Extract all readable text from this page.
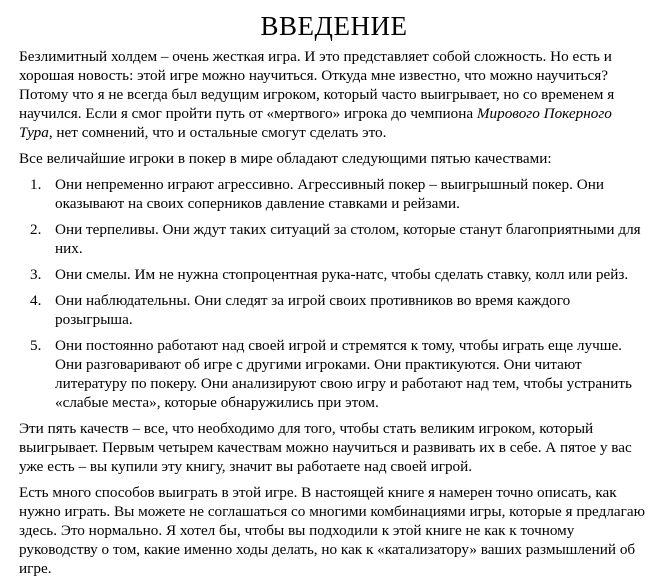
ВВЕДЕНИЕ

Безлимитный холдем – очень жесткая игра. И это представляет собой сложность. Но есть и хорошая новость: этой игре можно научиться. Откуда мне известно, что можно научиться? Потому что я не всегда был ведущим игроком, который часто выигрывает, но со временем я научился. Если я смог пройти путь от «мертвого» игрока до чемпиона Мирового Покерного Тура, нет сомнений, что и остальные смогут сделать это.

Все величайшие игроки в покер в мире обладают следующими пятью качествами:

1. Они непременно играют агрессивно. Агрессивный покер – выигрышный покер. Они оказывают на своих соперников давление ставками и рейзами.
2. Они терпеливы. Они ждут таких ситуаций за столом, которые станут благоприятными для них.
3. Они смелы. Им не нужна стопроцентная рука-натс, чтобы сделать ставку, колл или рейз.
4. Они наблюдательны. Они следят за игрой своих противников во время каждого розыгрыша.
5. Они постоянно работают над своей игрой и стремятся к тому, чтобы играть еще лучше. Они разговаривают об игре с другими игроками. Они практикуются. Они читают литературу по покеру. Они анализируют свою игру и работают над тем, чтобы устранить «слабые места», которые обнаружились при этом.

Эти пять качеств – все, что необходимо для того, чтобы стать великим игроком, который выигрывает. Первым четырем качествам можно научиться и развивать их в себе. А пятое у вас уже есть – вы купили эту книгу, значит вы работаете над своей игрой.

Есть много способов выиграть в этой игре. В настоящей книге я намерен точно описать, как нужно играть. Вы можете не соглашаться со многими комбинациями игры, которые я предлагаю здесь. Это нормально. Я хотел бы, чтобы вы подходили к этой книге не как к точному руководству о том, какие именно ходы делать, но как к «катализатору» ваших размышлений об игре.
